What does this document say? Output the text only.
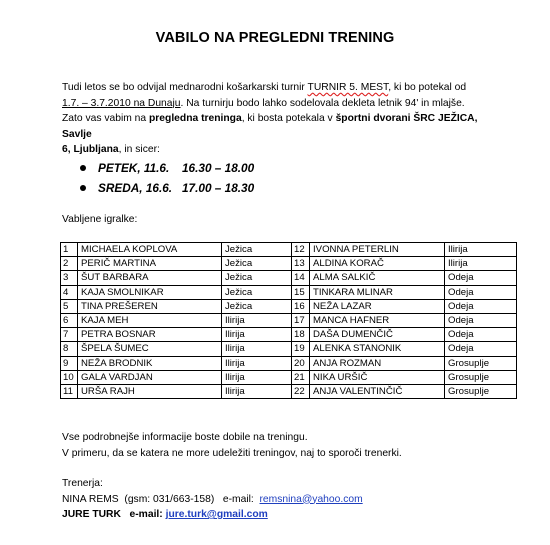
VABILO NA PREGLEDNI TRENING

Tudi letos se bo odvijal mednarodni košarkarski turnir TURNIR 5. MEST, ki bo potekal od

1.7. – 3.7.2010 na Dunaju. Na turnirju bodo lahko sodelovala dekleta letnik 94' in mlajše.

Zato vas vabim na pregledna treninga, ki bosta potekala v športni dvorani ŠRC JEŽICA, Savlje

6, Ljubljana, in sicer:

PETEK, 11.6.	16.30 – 18.00
SREDA, 16.6. 17.00 – 18.30
Vabljene igralke:
1	MICHAELA KOPLOVA	Ježica	12	IVONNA PETERLIN	Ilirija
2	PERIČ MARTINA	Ježica	13	ALDINA KORAČ	Ilirija
3	ŠUT BARBARA	Ježica	14	ALMA SALKIČ	Odeja
4	KAJA SMOLNIKAR	Ježica	15	TINKARA MLINAR	Odeja
5	TINA PREŠEREN	Ježica	16	NEŽA LAZAR	Odeja
6	KAJA MEH	Ilirija	17	MANCA HAFNER	Odeja
7	PETRA BOSNAR	Ilirija	18	DAŠA DUMENČIČ	Odeja
8	ŠPELA ŠUMEC	Ilirija	19	ALENKA STANONIK	Odeja
9	NEŽA BRODNIK	Ilirija	20	ANJA ROZMAN	Grosuplje
10	GALA VARDJAN	Ilirija	21	NIKA URŠIČ	Grosuplje
11	URŠA RAJH	Ilirija	22	ANJA VALENTINČIČ	Grosuplje

Vse podrobnejše informacije boste dobile na treningu.

V primeru, da se katera ne more udeležiti treningov, naj to sporoči trenerki.

Trenerja:

NINA REMS (gsm: 031/663-158) e-mail: remsnina@yahoo.com

JURE TURK e-mail: jure.turk@gmail.com
